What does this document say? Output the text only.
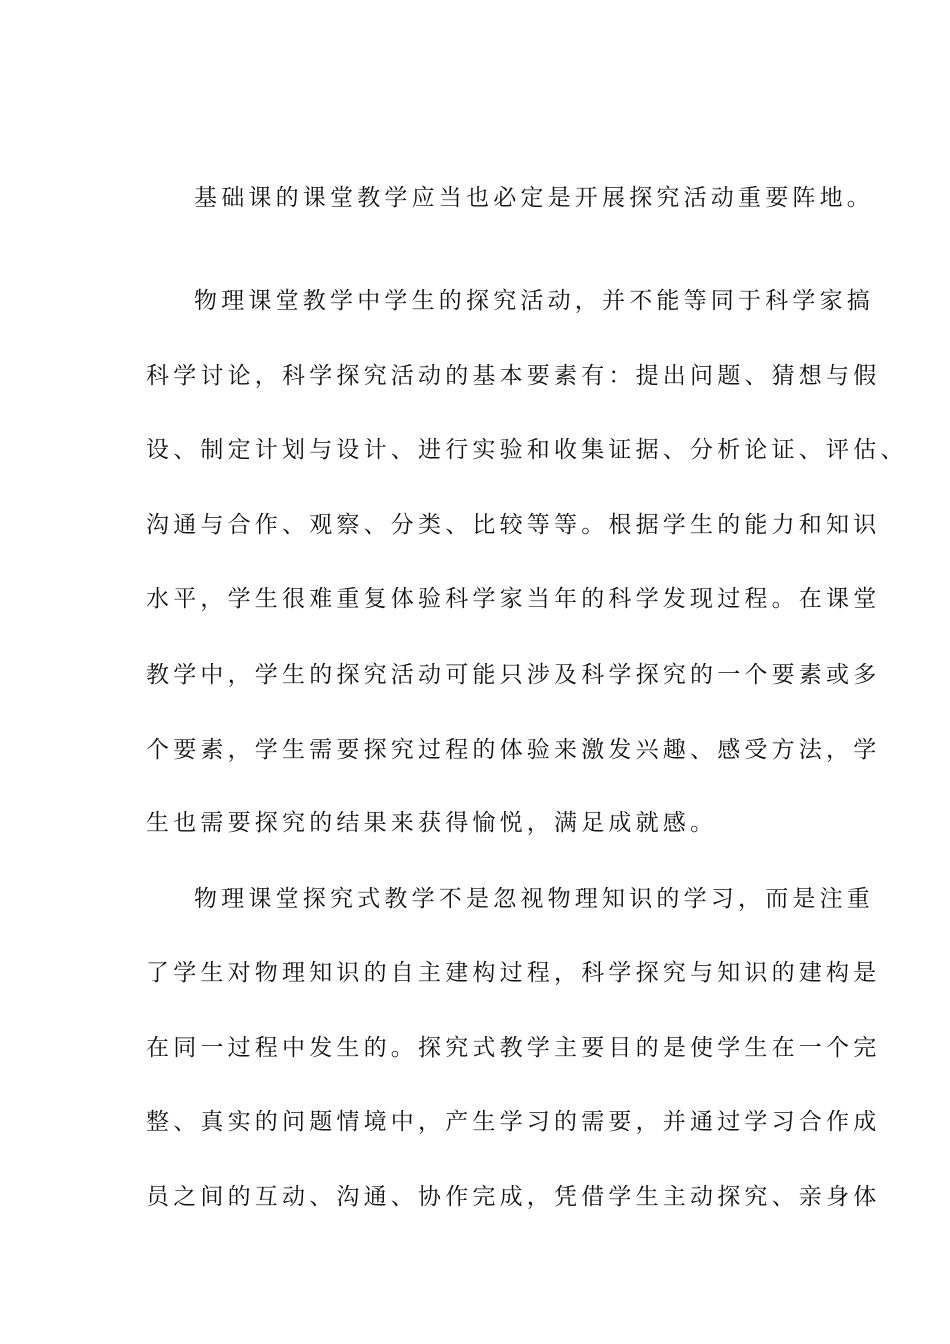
基础课的课堂教学应当也必定是开展探究活动重要阵地。
物理课堂教学中学生的探究活动，并不能等同于科学家搞
科学讨论，科学探究活动的基本要素有：提出问题、猜想与假
设、制定计划与设计、进行实验和收集证据、分析论证、评估、
沟通与合作、观察、分类、比较等等。根据学生的能力和知识
水平，学生很难重复体验科学家当年的科学发现过程。在课堂
教学中，学生的探究活动可能只涉及科学探究的一个要素或多
个要素，学生需要探究过程的体验来激发兴趣、感受方法，学
生也需要探究的结果来获得愉悦，满足成就感。
物理课堂探究式教学不是忽视物理知识的学习，而是注重
了学生对物理知识的自主建构过程，科学探究与知识的建构是
在同一过程中发生的。探究式教学主要目的是使学生在一个完
整、真实的问题情境中，产生学习的需要，并通过学习合作成
员之间的互动、沟通、协作完成，凭借学生主动探究、亲身体
